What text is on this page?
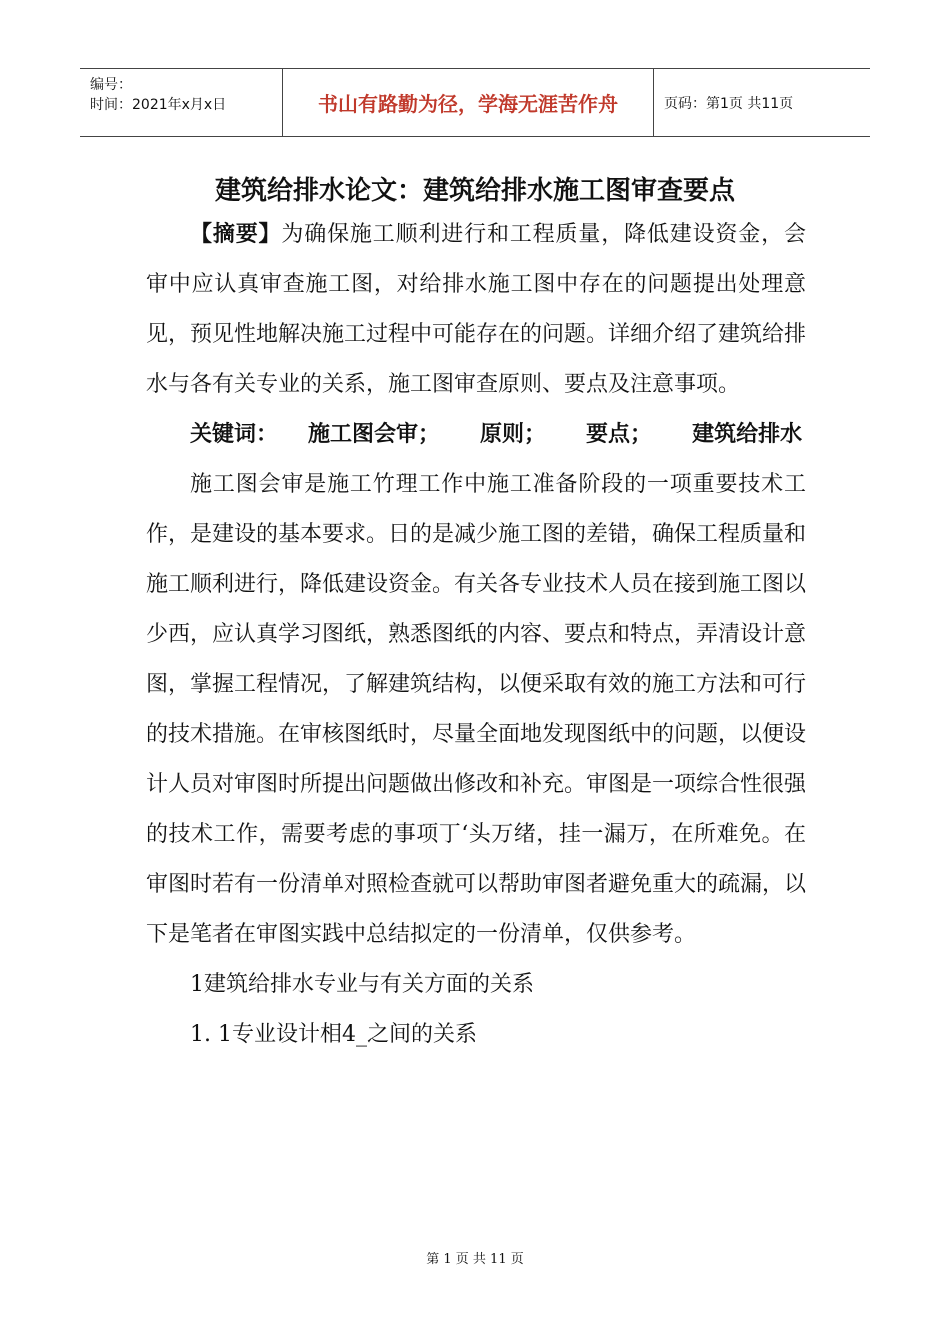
编号：
时间：2021年x月x日	书山有路勤为径，学海无涯苦作舟	页码：第1页 共11页
建筑给排水论文：建筑给排水施工图审查要点

【摘要】为确保施工顺利进行和工程质量，降低建设资金，会审中应认真审查施工图，对给排水施工图中存在的问题提出处理意见，预见性地解决施工过程中可能存在的问题。详细介绍了建筑给排水与各有关专业的关系，施工图审查原则、要点及注意事项。

关键词： 施工图会审； 原则； 要点； 建筑给排水

施工图会审是施工竹理工作中施工准备阶段的一项重要技术工作，是建设的基本要求。日的是减少施工图的差错，确保工程质量和施工顺利进行，降低建设资金。有关各专业技术人员在接到施工图以少西，应认真学习图纸，熟悉图纸的内容、要点和特点，弄清设计意图，掌握工程情况，了解建筑结构，以便采取有效的施工方法和可行的技术措施。在审核图纸时，尽量全面地发现图纸中的问题，以便设计人员对审图时所提出问题做出修改和补充。审图是一项综合性很强的技术工作，需要考虑的事项丁‘头万绪，挂一漏万，在所难免。在审图时若有一份清单对照检查就可以帮助审图者避免重大的疏漏，以下是笔者在审图实践中总结拟定的一份清单，仅供参考。

1建筑给排水专业与有关方面的关系

1. 1专业设计相4_之间的关系

第 1 页 共 11 页
